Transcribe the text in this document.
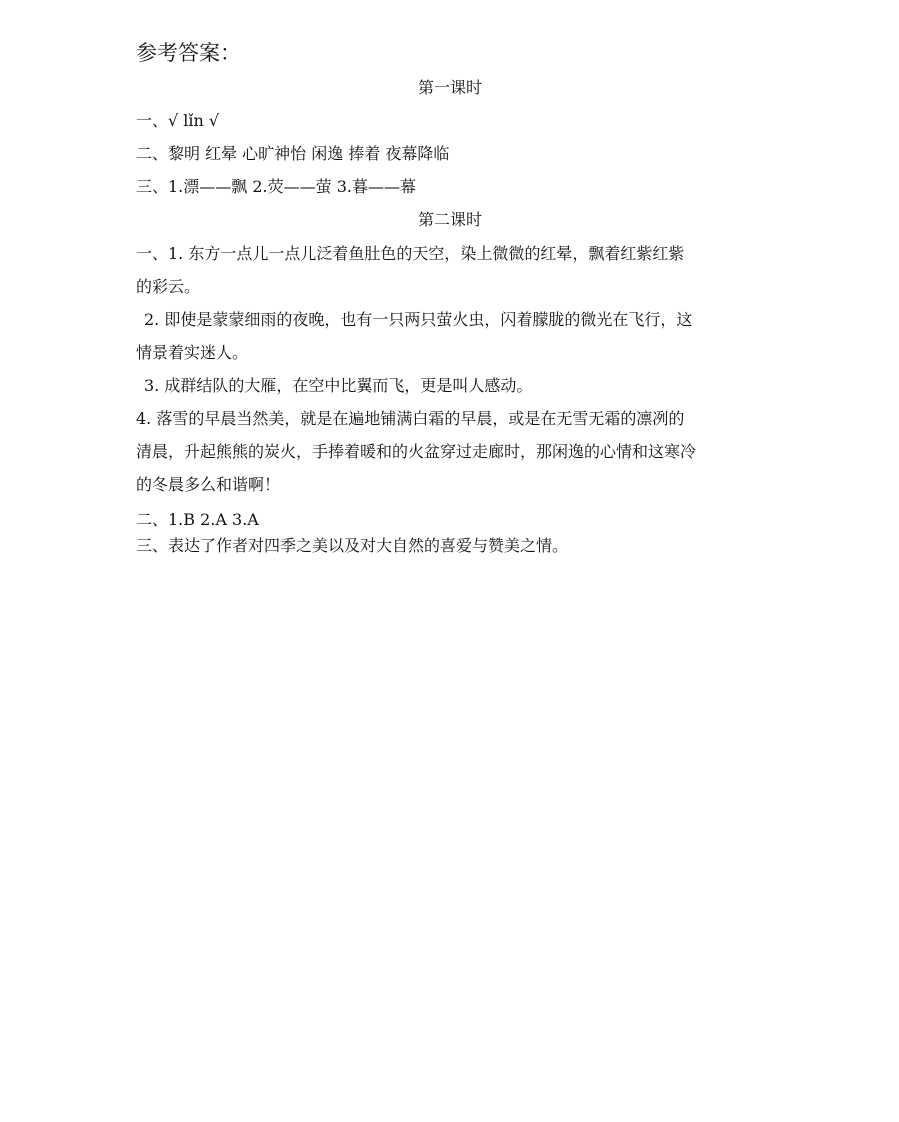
参考答案：
第一课时
一、√ lǐn √
二、黎明 红晕 心旷神怡 闲逸 捧着 夜幕降临
三、1.漂——飘 2.荧——萤 3.暮——幕
第二课时
一、1. 东方一点儿一点儿泛着鱼肚色的天空，染上微微的红晕，飘着红紫红紫
的彩云。
2. 即使是蒙蒙细雨的夜晚，也有一只两只萤火虫，闪着朦胧的微光在飞行，这
情景着实迷人。
3. 成群结队的大雁，在空中比翼而飞，更是叫人感动。
4. 落雪的早晨当然美，就是在遍地铺满白霜的早晨，或是在无雪无霜的凛冽的
清晨，升起熊熊的炭火，手捧着暖和的火盆穿过走廊时，那闲逸的心情和这寒冷
的冬晨多么和谐啊！
二、1.B 2.A 3.A
三、表达了作者对四季之美以及对大自然的喜爱与赞美之情。
